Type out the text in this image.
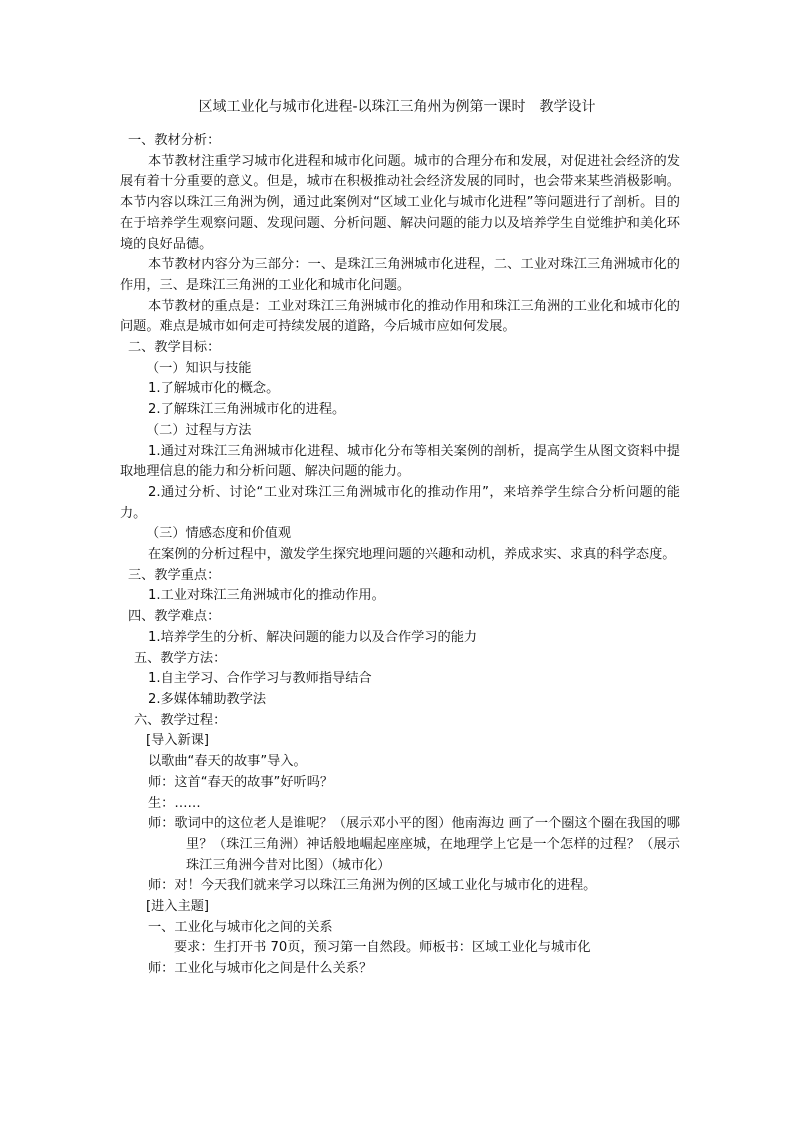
区域工业化与城市化进程-以珠江三角州为例第一课时　教学设计

一、教材分析：

本节教材注重学习城市化进程和城市化问题。城市的合理分布和发展，对促进社会经济的发展有着十分重要的意义。但是，城市在积极推动社会经济发展的同时，也会带来某些消极影响。本节内容以珠江三角洲为例，通过此案例对“区域工业化与城市化进程”等问题进行了剖析。目的在于培养学生观察问题、发现问题、分析问题、解决问题的能力以及培养学生自觉维护和美化环境的良好品德。

本节教材内容分为三部分：一、是珠江三角洲城市化进程，二、工业对珠江三角洲城市化的作用，三、是珠江三角洲的工业化和城市化问题。

本节教材的重点是：工业对珠江三角洲城市化的推动作用和珠江三角洲的工业化和城市化的问题。难点是城市如何走可持续发展的道路，今后城市应如何发展。

二、教学目标：

（一）知识与技能

1.了解城市化的概念。

2.了解珠江三角洲城市化的进程。

（二）过程与方法

1.通过对珠江三角洲城市化进程、城市化分布等相关案例的剖析，提高学生从图文资料中提取地理信息的能力和分析问题、解决问题的能力。

2.通过分析、讨论“工业对珠江三角洲城市化的推动作用”，来培养学生综合分析问题的能力。

（三）情感态度和价值观

在案例的分析过程中，激发学生探究地理问题的兴趣和动机，养成求实、求真的科学态度。

三、教学重点：

1.工业对珠江三角洲城市化的推动作用。

四、教学难点：

1.培养学生的分析、解决问题的能力以及合作学习的能力

五、教学方法：

1.自主学习、合作学习与教师指导结合

2.多媒体辅助教学法

六、教学过程：

[导入新课]

以歌曲“春天的故事”导入。

师：这首“春天的故事”好听吗？

生：……

师：歌词中的这位老人是谁呢？（展示邓小平的图）他南海边 画了一个圈这个圈在我国的哪里？（珠江三角洲）神话般地崛起座座城，在地理学上它是一个怎样的过程？（展示珠江三角洲今昔对比图）（城市化）

师：对！今天我们就来学习以珠江三角洲为例的区域工业化与城市化的进程。

[进入主题]

一、工业化与城市化之间的关系

要求：生打开书 70页，预习第一自然段。师板书：区域工业化与城市化

师：工业化与城市化之间是什么关系？
